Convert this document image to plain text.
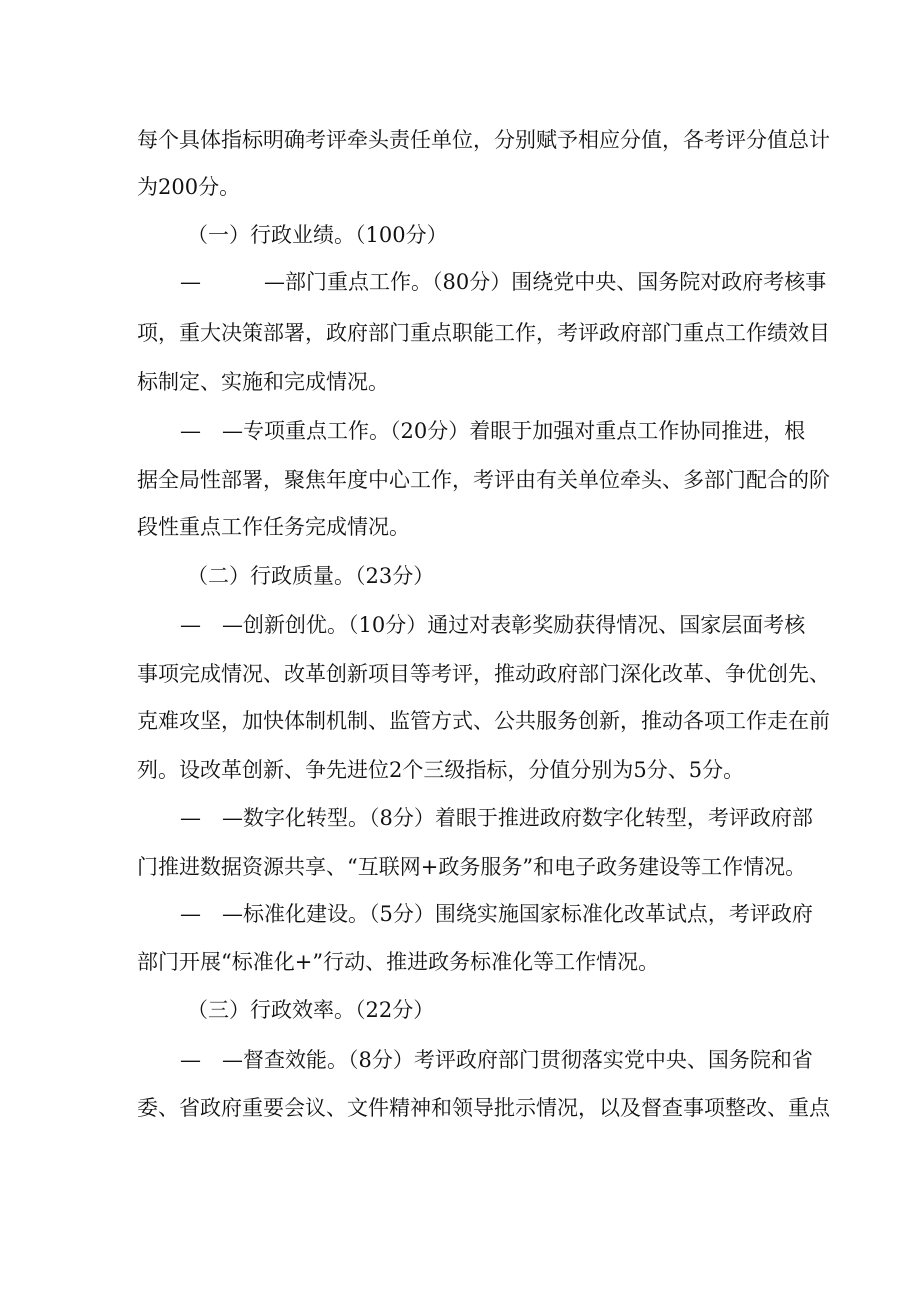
每个具体指标明确考评牵头责任单位，分别赋予相应分值，各考评分值总计
为200分。
（一）行政业绩。（100分）
—　　　—部门重点工作。（80分）围绕党中央、国务院对政府考核事
项，重大决策部署，政府部门重点职能工作，考评政府部门重点工作绩效目
标制定、实施和完成情况。
—　—专项重点工作。（20分）着眼于加强对重点工作协同推进，根
据全局性部署，聚焦年度中心工作，考评由有关单位牵头、多部门配合的阶
段性重点工作任务完成情况。
（二）行政质量。（23分）
—　—创新创优。（10分）通过对表彰奖励获得情况、国家层面考核
事项完成情况、改革创新项目等考评，推动政府部门深化改革、争优创先、
克难攻坚，加快体制机制、监管方式、公共服务创新，推动各项工作走在前
列。设改革创新、争先进位2个三级指标，分值分别为5分、5分。
—　—数字化转型。（8分）着眼于推进政府数字化转型，考评政府部
门推进数据资源共享、“互联网+政务服务”和电子政务建设等工作情况。
—　—标准化建设。（5分）围绕实施国家标准化改革试点，考评政府
部门开展“标准化+”行动、推进政务标准化等工作情况。
（三）行政效率。（22分）
—　—督查效能。（8分）考评政府部门贯彻落实党中央、国务院和省
委、省政府重要会议、文件精神和领导批示情况，以及督查事项整改、重点
